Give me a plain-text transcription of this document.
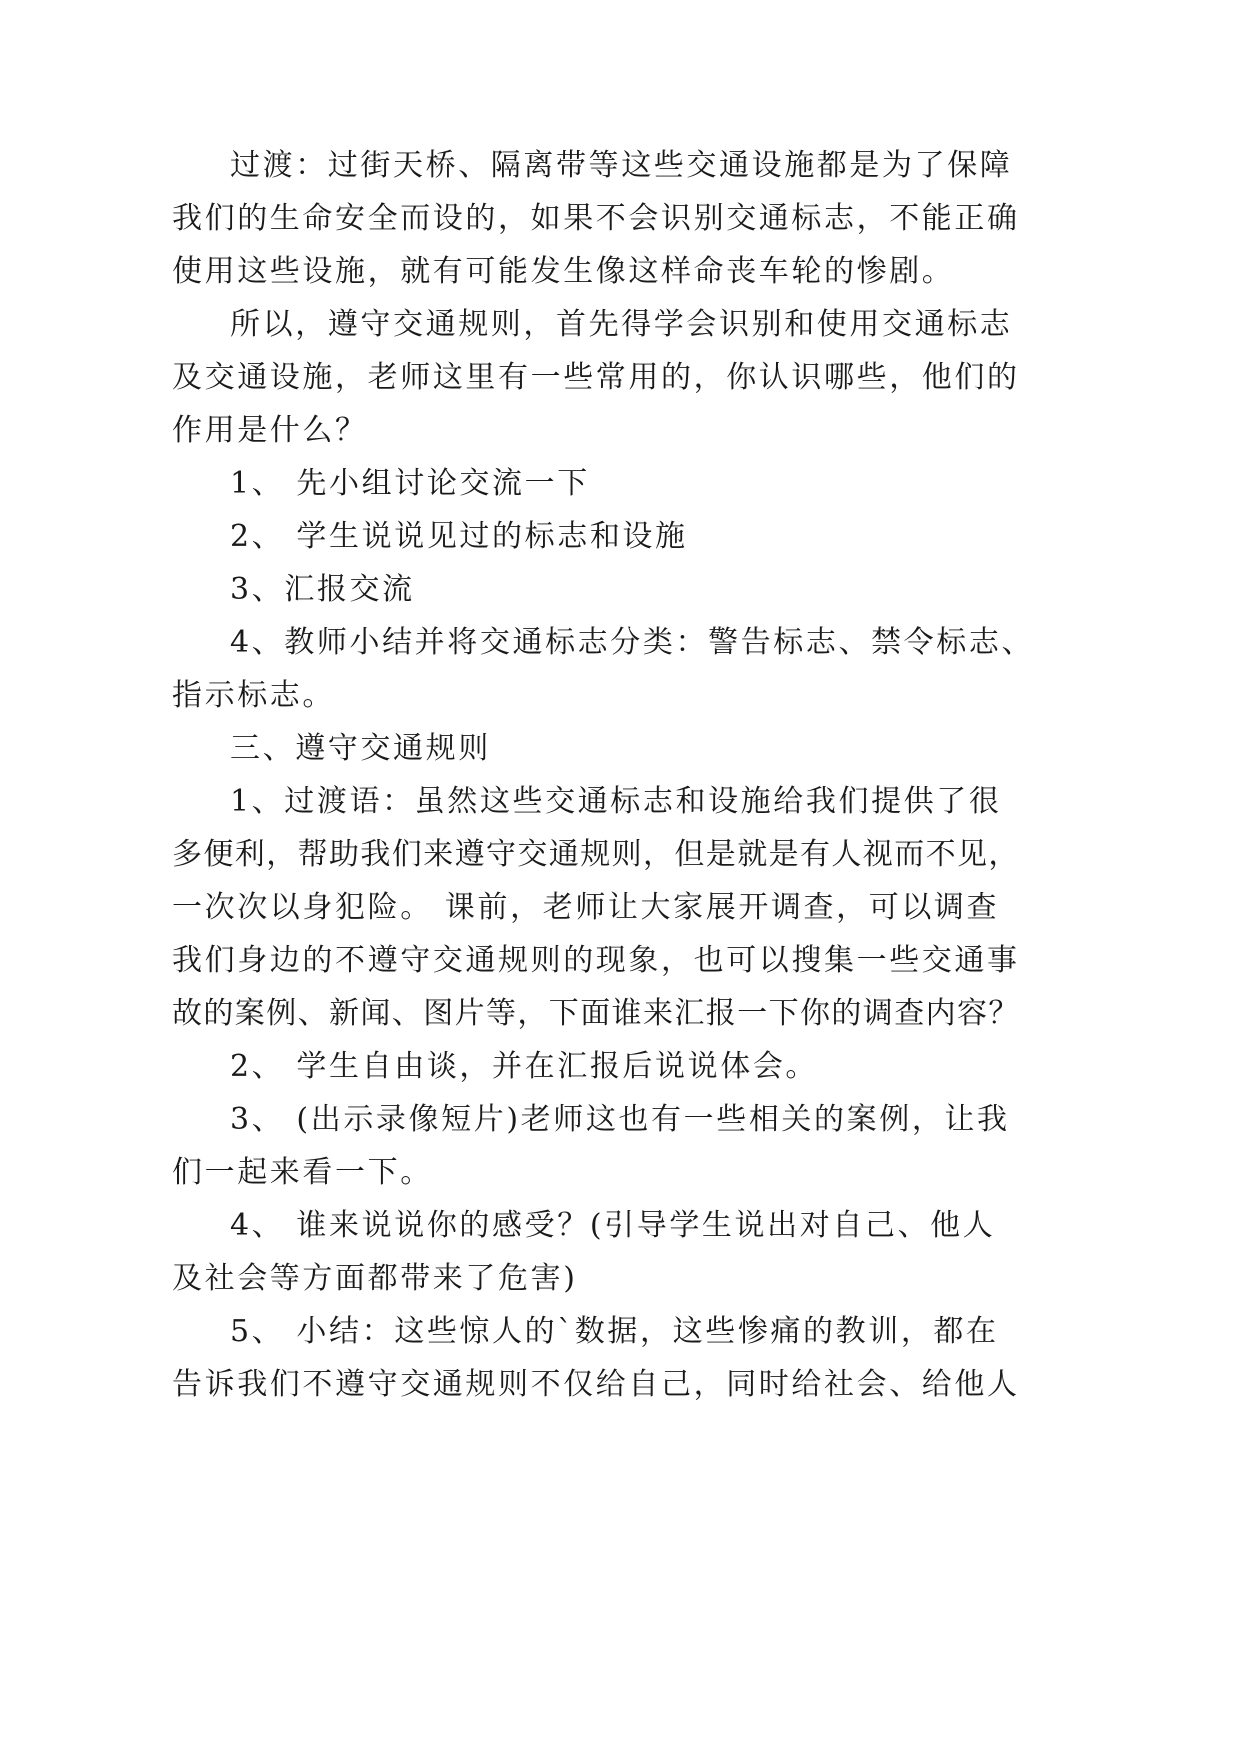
过渡：过街天桥、隔离带等这些交通设施都是为了保障

我们的生命安全而设的，如果不会识别交通标志，不能正确

使用这些设施，就有可能发生像这样命丧车轮的惨剧。

所以，遵守交通规则，首先得学会识别和使用交通标志

及交通设施，老师这里有一些常用的，你认识哪些，他们的

作用是什么？

1、 先小组讨论交流一下

2、 学生说说见过的标志和设施

3、汇报交流

4、教师小结并将交通标志分类：警告标志、禁令标志、

指示标志。

三、遵守交通规则

1、过渡语：虽然这些交通标志和设施给我们提供了很

多便利，帮助我们来遵守交通规则，但是就是有人视而不见，

一次次以身犯险。 课前，老师让大家展开调查，可以调查

我们身边的不遵守交通规则的现象，也可以搜集一些交通事

故的案例、新闻、图片等，下面谁来汇报一下你的调查内容？

2、 学生自由谈，并在汇报后说说体会。

3、 (出示录像短片)老师这也有一些相关的案例，让我

们一起来看一下。

4、 谁来说说你的感受？(引导学生说出对自己、他人

及社会等方面都带来了危害)

5、 小结：这些惊人的`数据，这些惨痛的教训，都在

告诉我们不遵守交通规则不仅给自己，同时给社会、给他人
